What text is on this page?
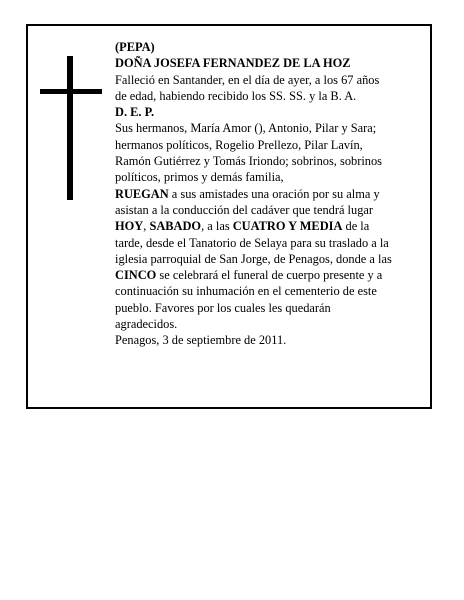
(PEPA)
DOÑA JOSEFA FERNANDEZ DE LA HOZ
Falleció en Santander, en el día de ayer, a los 67 años
de edad, habiendo recibido los SS. SS. y la B. A.
D. E. P.
Sus hermanos, María Amor (), Antonio, Pilar y Sara;
hermanos políticos, Rogelio Prellezo, Pilar Lavín,
Ramón Gutiérrez y Tomás Iriondo; sobrinos, sobrinos
políticos, primos y demás familia,
RUEGAN a sus amistades una oración por su alma y
asistan a la conducción del cadáver que tendrá lugar
HOY, SABADO, a las CUATRO Y MEDIA de la
tarde, desde el Tanatorio de Selaya para su traslado a la
iglesia parroquial de San Jorge, de Penagos, donde a las
CINCO se celebrará el funeral de cuerpo presente y a
continuación su inhumación en el cementerio de este
pueblo. Favores por los cuales les quedarán
agradecidos.
Penagos, 3 de septiembre de 2011.
